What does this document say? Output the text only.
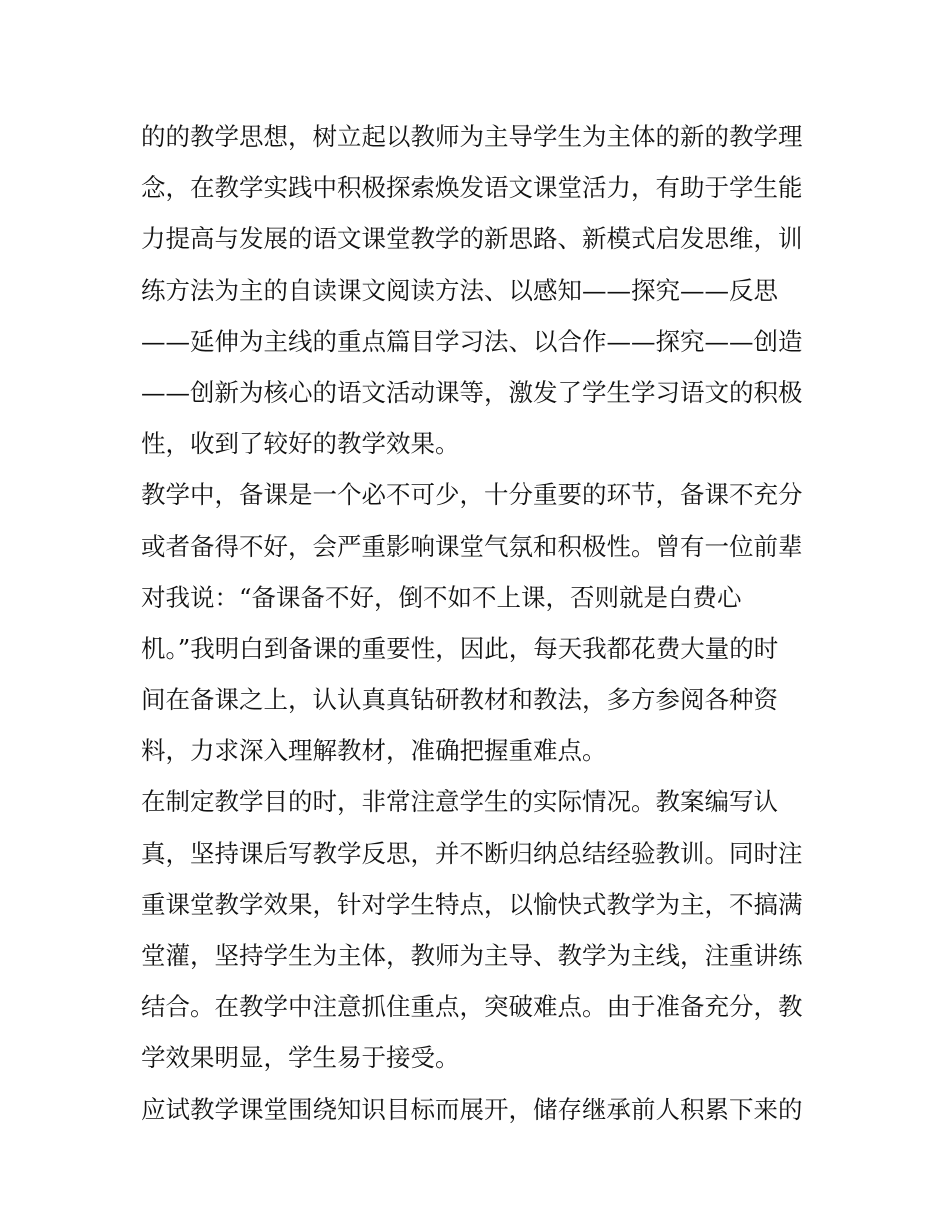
的的教学思想，树立起以教师为主导学生为主体的新的教学理
念，在教学实践中积极探索焕发语文课堂活力，有助于学生能
力提高与发展的语文课堂教学的新思路、新模式启发思维，训
练方法为主的自读课文阅读方法、以感知——探究——反思
——延伸为主线的重点篇目学习法、以合作——探究——创造
——创新为核心的语文活动课等，激发了学生学习语文的积极
性，收到了较好的教学效果。
教学中，备课是一个必不可少，十分重要的环节，备课不充分
或者备得不好，会严重影响课堂气氛和积极性。曾有一位前辈
对我说：“备课备不好，倒不如不上课，否则就是白费心
机。”我明白到备课的重要性，因此，每天我都花费大量的时
间在备课之上，认认真真钻研教材和教法，多方参阅各种资
料，力求深入理解教材，准确把握重难点。
在制定教学目的时，非常注意学生的实际情况。教案编写认
真，坚持课后写教学反思，并不断归纳总结经验教训。同时注
重课堂教学效果，针对学生特点，以愉快式教学为主，不搞满
堂灌，坚持学生为主体，教师为主导、教学为主线，注重讲练
结合。在教学中注意抓住重点，突破难点。由于准备充分，教
学效果明显，学生易于接受。
应试教学课堂围绕知识目标而展开，储存继承前人积累下来的
